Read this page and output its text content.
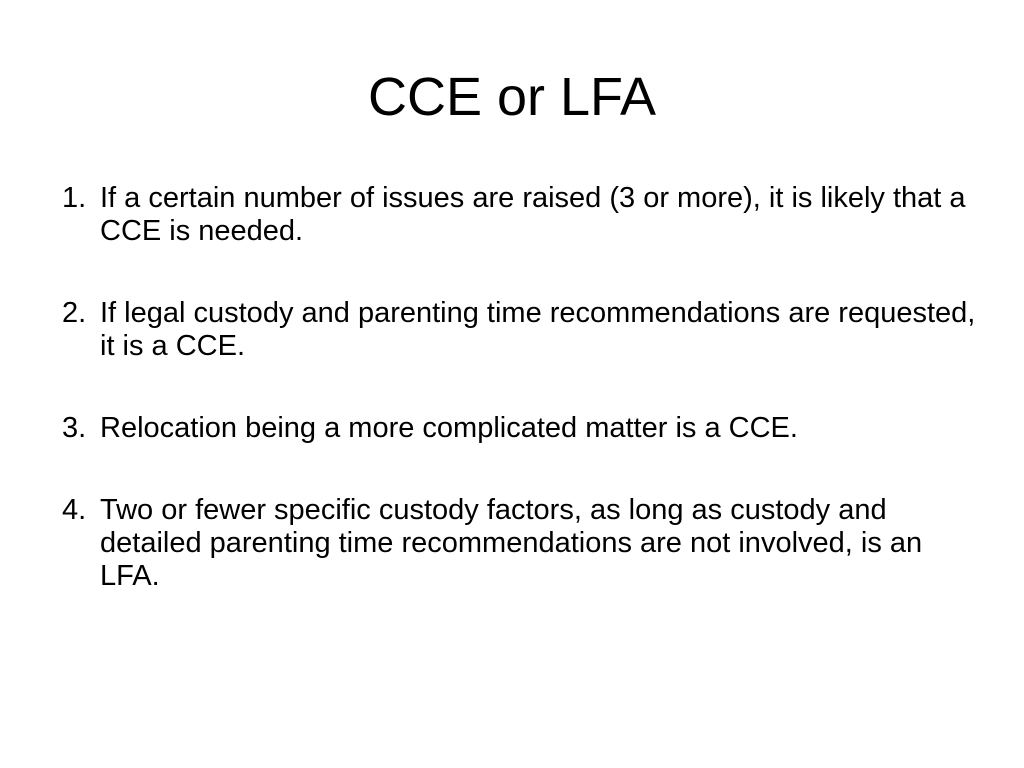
CCE or LFA
1. If a certain number of issues are raised (3 or more), it is likely that a CCE is needed.
2. If legal custody and parenting time recommendations are requested, it is a CCE.
3. Relocation being a more complicated matter is a CCE.
4. Two or fewer specific custody factors, as long as custody and detailed parenting time recommendations are not involved, is an LFA.
